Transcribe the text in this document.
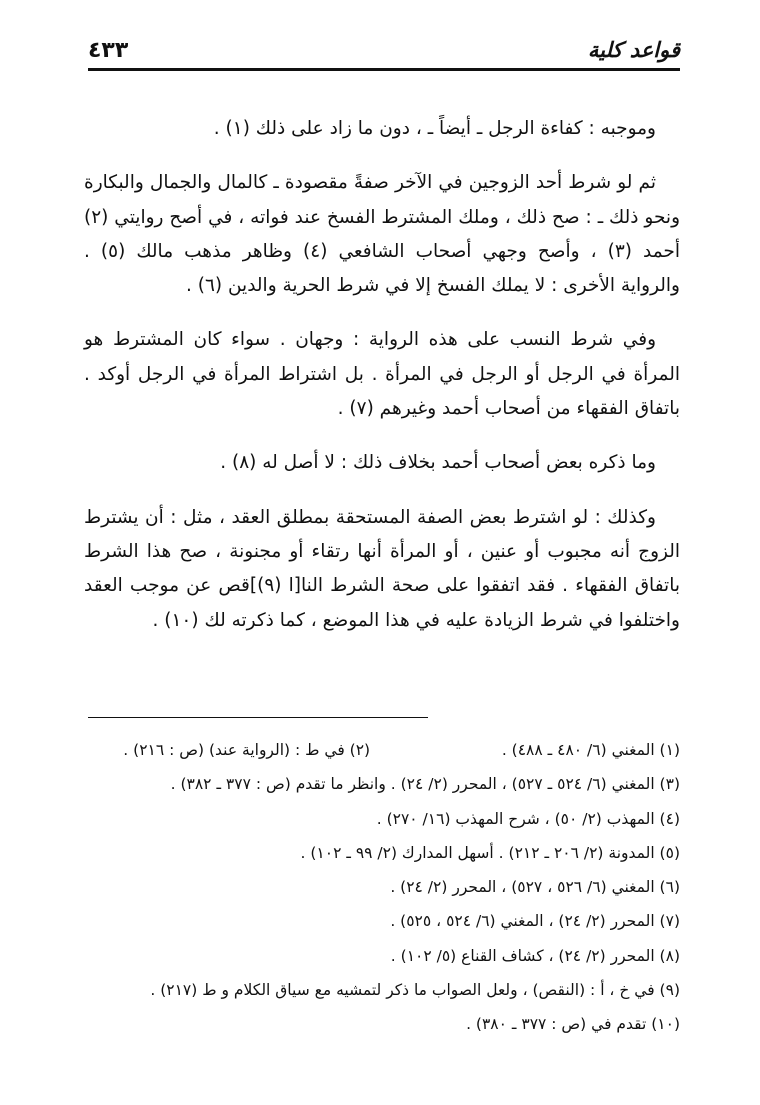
٤٣٣	قواعد كلية

وموجبه : كفاءة الرجل ـ أيضاً ـ ، دون ما زاد على ذلك (١) .

ثم لو شرط أحد الزوجين في الآخر صفةً مقصودة ـ كالمال والجمال والبكارة ونحو ذلك ـ : صح ذلك ، وملك المشترط الفسخ عند فواته ، في أصح روايتي (٢) أحمد (٣) ، وأصح وجهي أصحاب الشافعي (٤) وظاهر مذهب مالك (٥) . والرواية الأخرى : لا يملك الفسخ إلا في شرط الحرية والدين (٦) .

وفي شرط النسب على هذه الرواية : وجهان . سواء كان المشترط هو المرأة في الرجل أو الرجل في المرأة . بل اشتراط المرأة في الرجل أوكد . باتفاق الفقهاء من أصحاب أحمد وغيرهم (٧) .

وما ذكره بعض أصحاب أحمد بخلاف ذلك : لا أصل له (٨) .

وكذلك : لو اشترط بعض الصفة المستحقة بمطلق العقد ، مثل : أن يشترط الزوج أنه مجبوب أو عنين ، أو المرأة أنها رتقاء أو مجنونة ، صح هذا الشرط باتفاق الفقهاء . فقد اتفقوا على صحة الشرط النا[ا (٩)]قص عن موجب العقد واختلفوا في شرط الزيادة عليه في هذا الموضع ، كما ذكرته لك (١٠) .

(١) المغني (٦/ ٤٨٠ ـ ٤٨٨) .
(٢) في ط : (الرواية عند) (ص : ٢١٦) .
(٣) المغني (٦/ ٥٢٤ ـ ٥٢٧) ، المحرر (٢/ ٢٤) . وانظر ما تقدم (ص : ٣٧٧ ـ ٣٨٢) .
(٤) المهذب (٢/ ٥٠) ، شرح المهذب (١٦/ ٢٧٠) .
(٥) المدونة (٢/ ٢٠٦ ـ ٢١٢) . أسهل المدارك (٢/ ٩٩ ـ ١٠٢) .
(٦) المغني (٦/ ٥٢٦ ، ٥٢٧) ، المحرر (٢/ ٢٤) .
(٧) المحرر (٢/ ٢٤) ، المغني (٦/ ٥٢٤ ، ٥٢٥) .
(٨) المحرر (٢/ ٢٤) ، كشاف القناع (٥/ ١٠٢) .
(٩) في خ ، أ : (النقص) ، ولعل الصواب ما ذكر لتمشيه مع سياق الكلام و ط (٢١٧) .
(١٠) تقدم في (ص : ٣٧٧ ـ ٣٨٠) .
